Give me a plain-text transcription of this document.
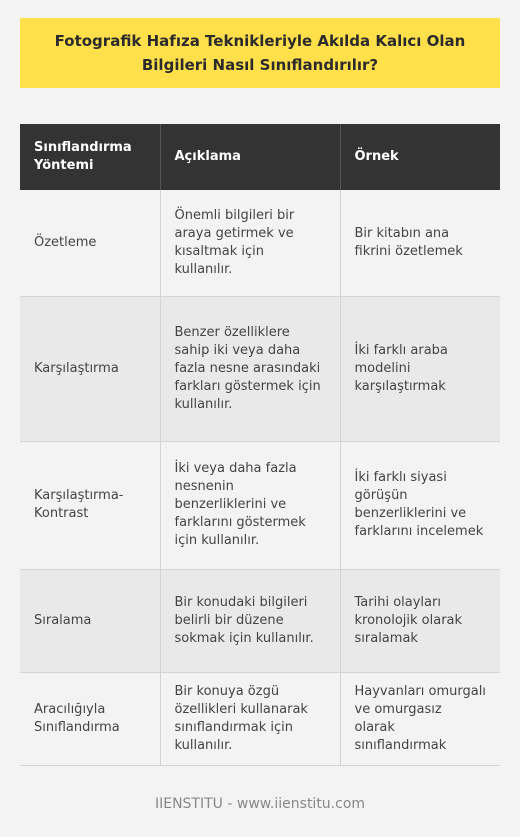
Fotografik Hafıza Teknikleriyle Akılda Kalıcı Olan Bilgileri Nasıl Sınıflandırılır?
Sınıflandırma Yöntemi	Açıklama	Örnek
Özetleme	Önemli bilgileri bir araya getirmek ve kısaltmak için kullanılır.	Bir kitabın ana fikrini özetlemek
Karşılaştırma	Benzer özelliklere sahip iki veya daha fazla nesne arasındaki farkları göstermek için kullanılır.	İki farklı araba modelini karşılaştırmak
Karşılaştırma-Kontrast	İki veya daha fazla nesnenin benzerliklerini ve farklarını göstermek için kullanılır.	İki farklı siyasi görüşün benzerliklerini ve farklarını incelemek
Sıralama	Bir konudaki bilgileri belirli bir düzene sokmak için kullanılır.	Tarihi olayları kronolojik olarak sıralamak
Aracılığıyla Sınıflandırma	Bir konuya özgü özellikleri kullanarak sınıflandırmak için kullanılır.	Hayvanları omurgalı ve omurgasız olarak sınıflandırmak
IIENSTITU - www.iienstitu.com
